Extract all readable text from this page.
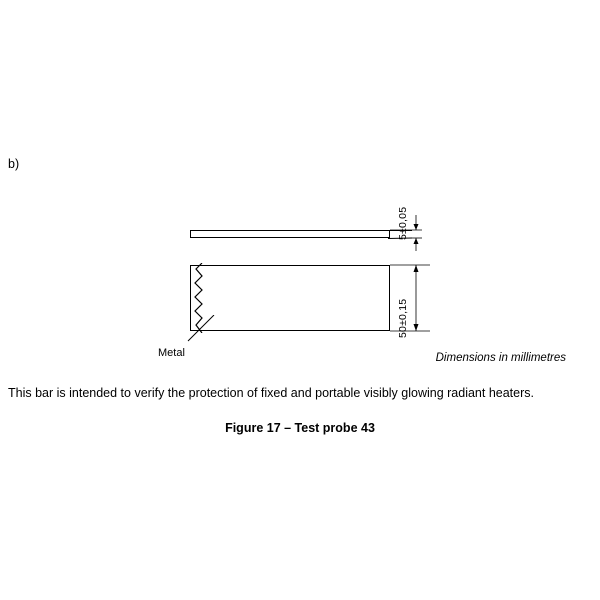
b)
Metal
5±0,05
50±0,15
Dimensions in millimetres
This bar is intended to verify the protection of fixed and portable visibly glowing radiant heaters.
Figure 17 – Test probe 43
